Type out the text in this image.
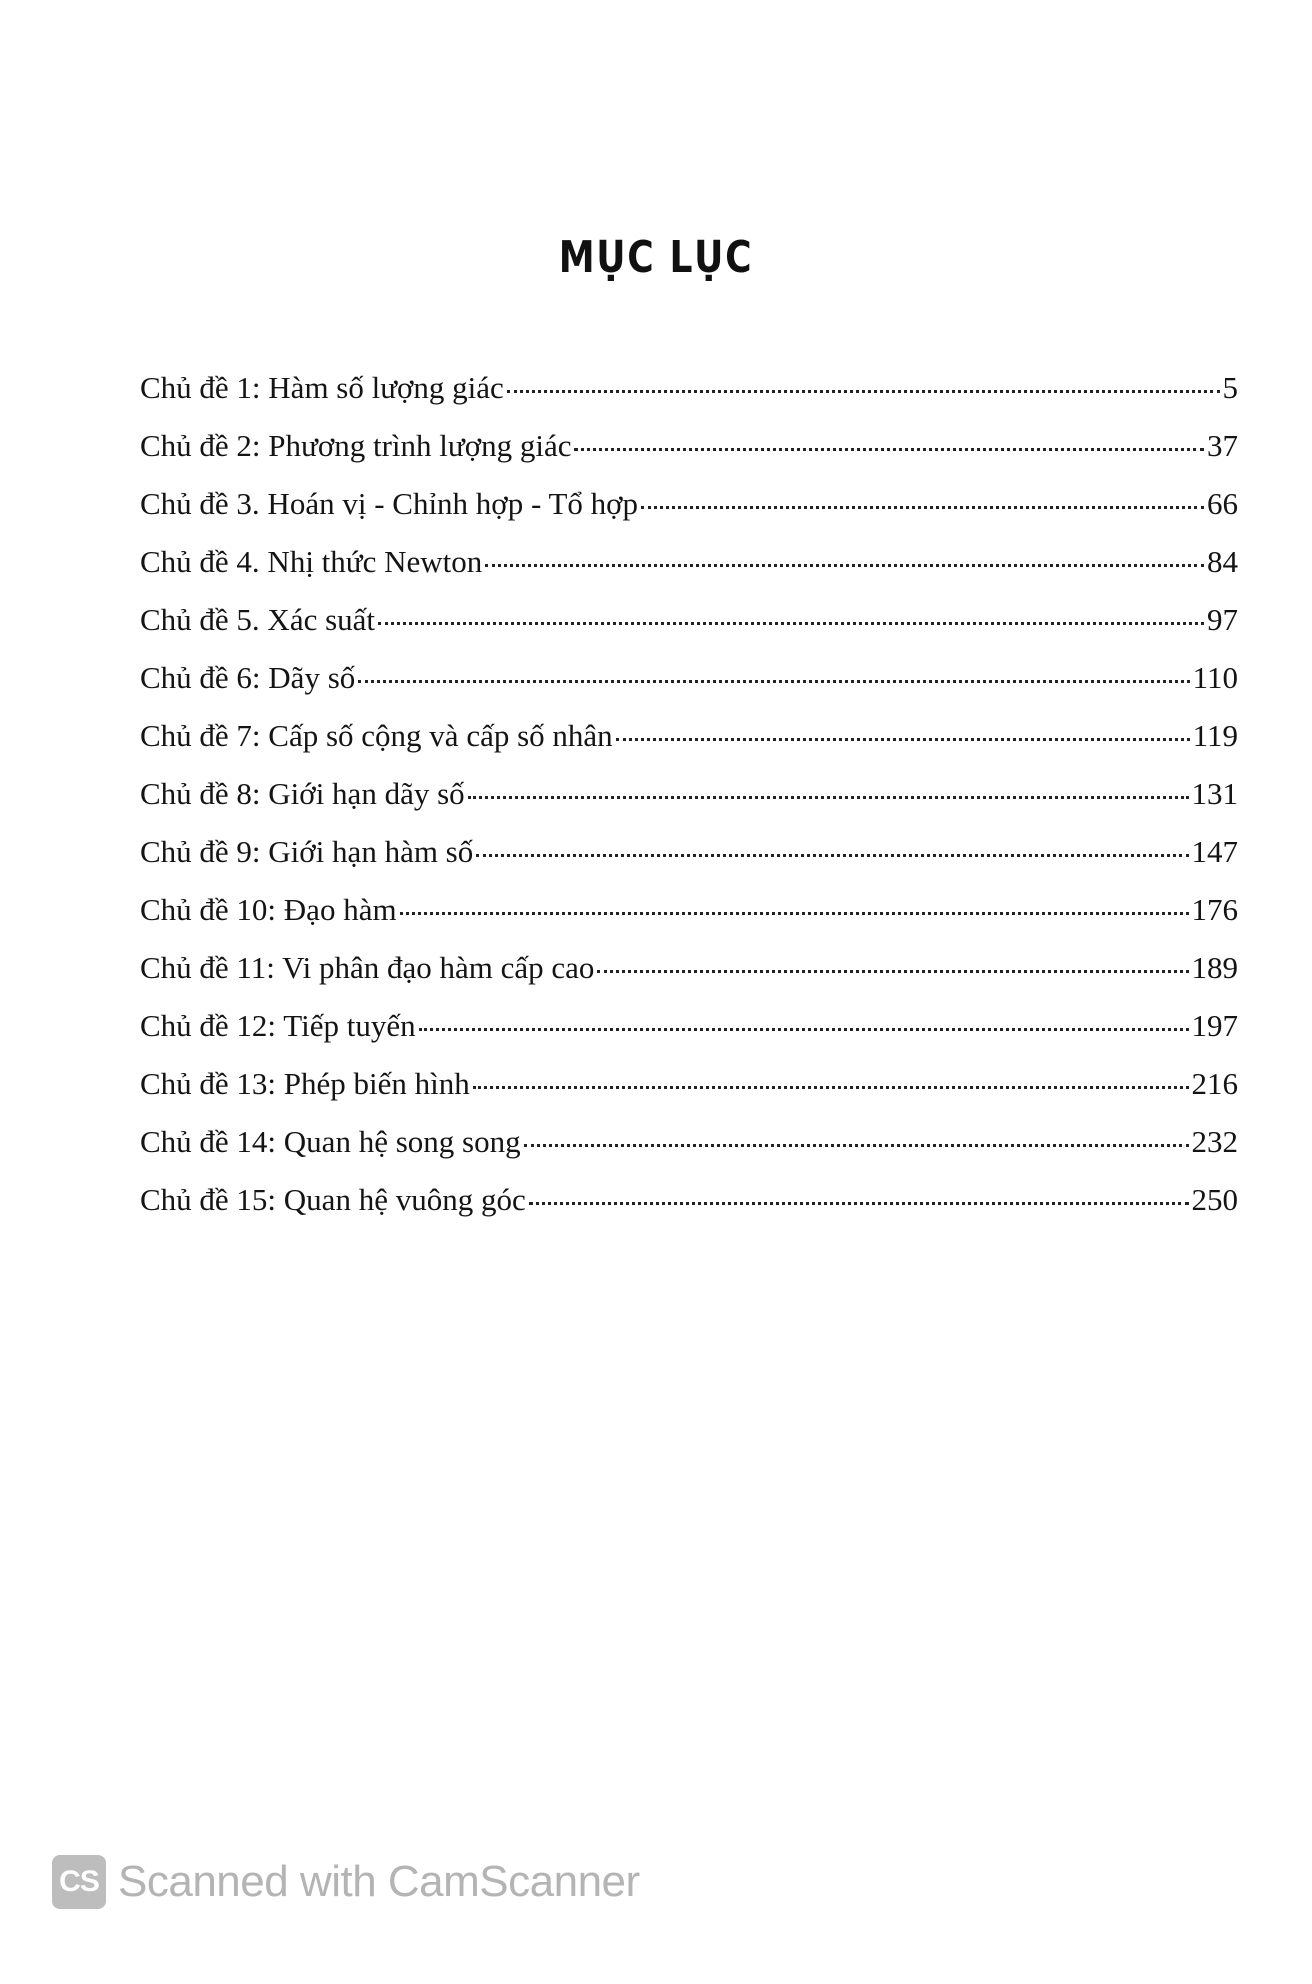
MỤC LỤC
Chủ đề 1: Hàm số lượng giác	5
Chủ đề 2: Phương trình lượng giác	37
Chủ đề 3. Hoán vị - Chỉnh hợp - Tổ hợp	66
Chủ đề 4. Nhị thức Newton	84
Chủ đề 5. Xác suất	97
Chủ đề 6: Dãy số	110
Chủ đề 7: Cấp số cộng và cấp số nhân	119
Chủ đề 8: Giới hạn dãy số	131
Chủ đề 9: Giới hạn hàm số	147
Chủ đề 10: Đạo hàm	176
Chủ đề 11: Vi phân đạo hàm cấp cao	189
Chủ đề 12: Tiếp tuyến	197
Chủ đề 13: Phép biến hình	216
Chủ đề 14: Quan hệ song song	232
Chủ đề 15: Quan hệ vuông góc	250
CS Scanned with CamScanner
